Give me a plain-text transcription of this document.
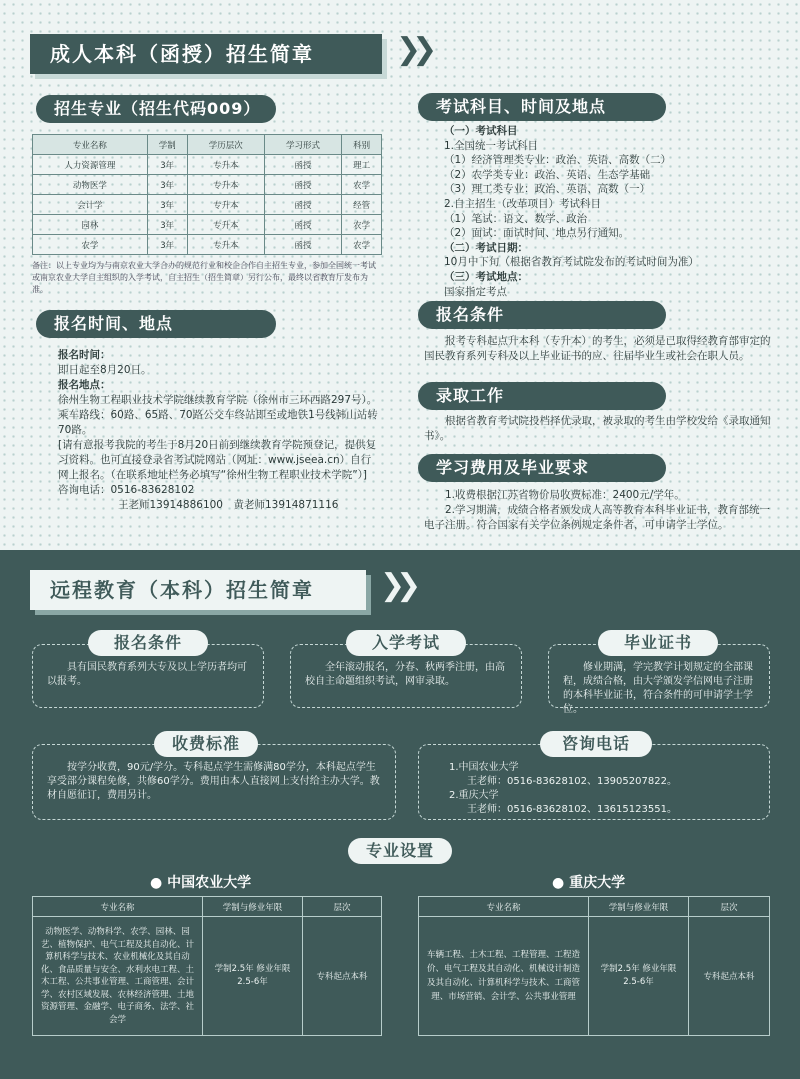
成人本科（函授）招生简章	❯❯
招生专业（招生代码009）
专业名称	学制	学历层次	学习形式	科别
人力资源管理	3年	专升本	函授	理工
动物医学	3年	专升本	函授	农学
会计学	3年	专升本	函授	经管
园林	3年	专升本	函授	农学
农学	3年	专升本	函授	农学
备注：以上专业均为与南京农业大学合办的规范行业和校企合作自主招生专业，参加全国统一考试或南京农业大学自主组织的入学考试，自主招生（招生简章）另行公布，最终以省教育厅发布为准。
报名时间、地点

报名时间：

即日起至8月20日。

报名地点：

徐州生物工程职业技术学院继续教育学院（徐州市三环西路297号）。乘车路线：60路、65路、70路公交车终站即至或地铁1号线韩山站转70路。

[请有意报考我院的考生于8月20日前到继续教育学院预登记，提供复习资料。也可直接登录省考试院网站（网址：www.jseea.cn）自行网上报名。（在联系地址栏务必填写“徐州生物工程职业技术学院”）]

咨询电话：0516-83628102

王老师13914886100　黄老师13914871116

考试科目、时间及地点

（一）考试科目

1.全国统一考试科目

（1）经济管理类专业：政治、英语、高数（二）

（2）农学类专业：政治、英语、生态学基础

（3）理工类专业：政治、英语、高数（一）

2.自主招生（改革项目）考试科目

（1）笔试：语文、数学、政治

（2）面试：面试时间、地点另行通知。

（二）考试日期：

10月中下旬（根据省教育考试院发布的考试时间为准）

（三）考试地点：

国家指定考点

报名条件
报考专科起点升本科（专升本）的考生，必须是已取得经教育部审定的国民教育系列专科及以上毕业证书的应、往届毕业生或社会在职人员。
录取工作
根据省教育考试院投档择优录取，被录取的考生由学校发给《录取通知书》。
学习费用及毕业要求

1.收费根据江苏省物价局收费标准：2400元/学年。

2.学习期满，成绩合格者颁发成人高等教育本科毕业证书，教育部统一电子注册。符合国家有关学位条例规定条件者，可申请学士学位。

远程教育（本科）招生简章	❯❯
具有国民教育系列大专及以上学历者均可以报考。
报名条件
全年滚动报名，分春、秋两季注册，由高校自主命题组织考试，网审录取。
入学考试
修业期满，学完教学计划规定的全部课程，成绩合格，由大学颁发学信网电子注册的本科毕业证书，符合条件的可申请学士学位。
毕业证书
按学分收费，90元/学分。专科起点学生需修满80学分，本科起点学生享受部分课程免修，共修60学分。费用由本人直接网上支付给主办大学。教材自愿征订，费用另计。
收费标准

1.中国农业大学

王老师：0516-83628102、13905207822。

2.重庆大学

王老师：0516-83628102、13615123551。

咨询电话
专业设置
● 中国农业大学
专业名称	学制与修业年限	层次
动物医学、动物科学、农学、园林、园艺、植物保护、电气工程及其自动化、计算机科学与技术、农业机械化及其自动化、食品质量与安全、水利水电工程、土木工程、公共事业管理、工商管理、会计学、农村区域发展、农林经济管理、土地资源管理、金融学、电子商务、法学、社会学	学制2.5年 修业年限2.5-6年	专科起点本科
● 重庆大学
专业名称	学制与修业年限	层次
车辆工程、土木工程、工程管理、工程造价、电气工程及其自动化、机械设计制造及其自动化、计算机科学与技术、工商管理、市场营销、会计学、公共事业管理	学制2.5年 修业年限2.5-6年	专科起点本科
